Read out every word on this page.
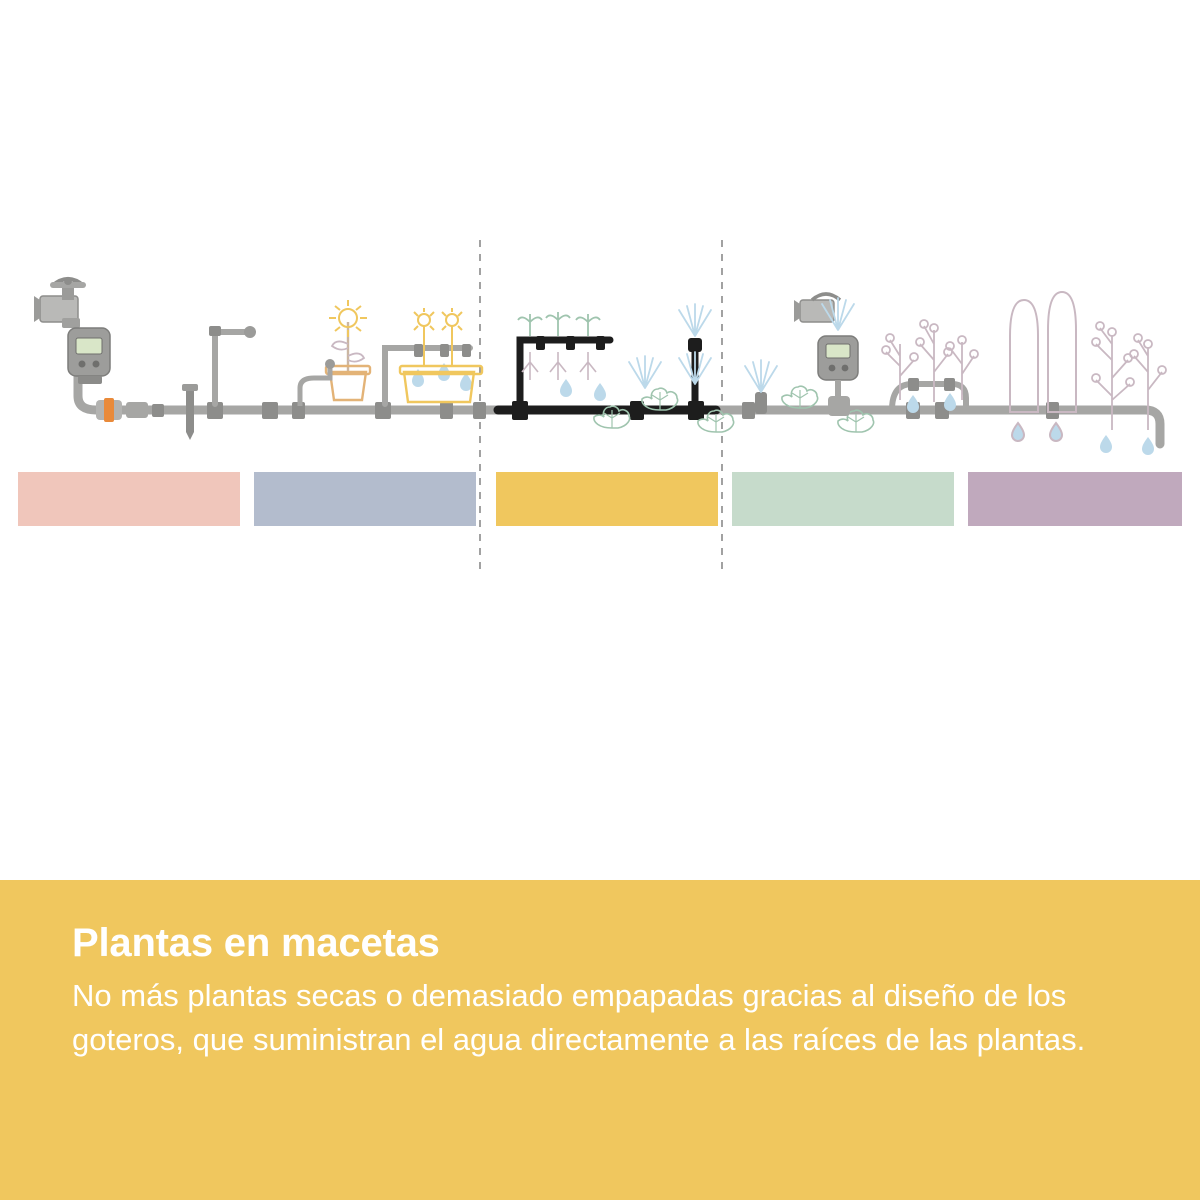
Plantas en macetas
No más plantas secas o demasiado empapadas gracias al diseño de los goteros, que suministran el agua directamente a las raíces de las plantas.
